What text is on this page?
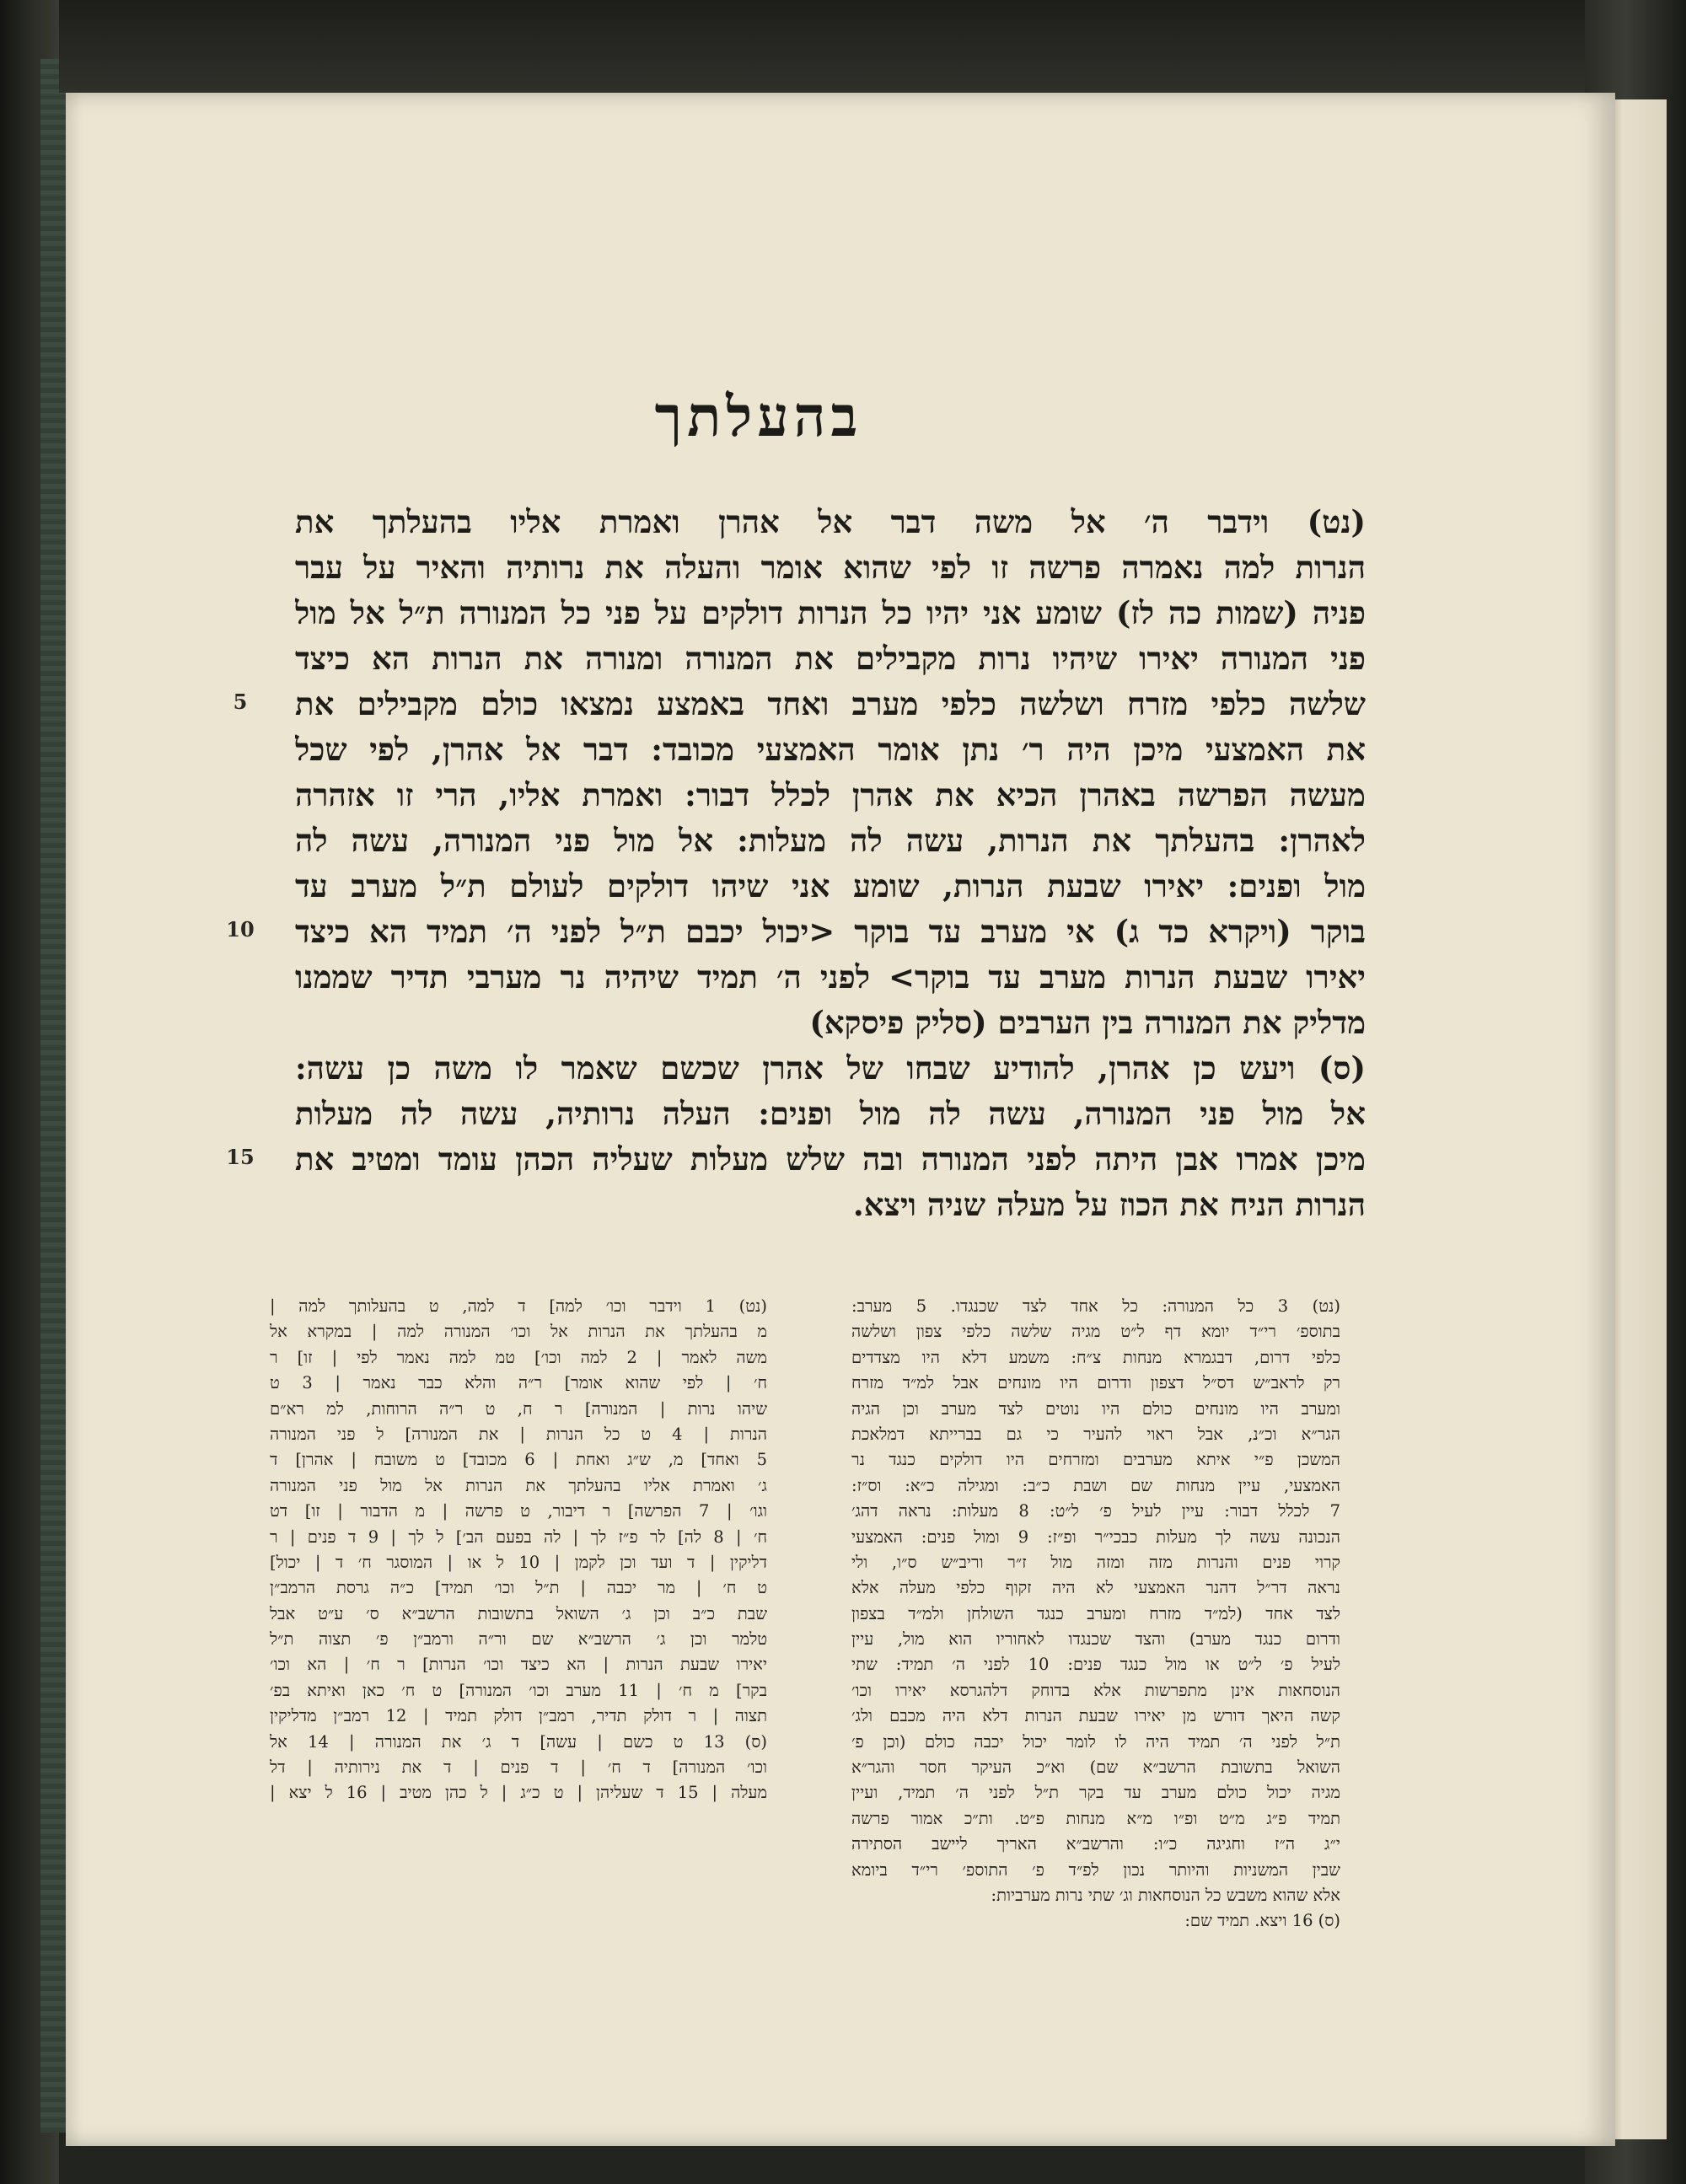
בהעלתך
(נט) וידבר ה׳ אל משה דבר אל אהרן ואמרת אליו בהעלתך את
הנרות למה נאמרה פרשה זו לפי שהוא אומר והעלה את נרותיה והאיר על עבר
פניה (שמות כה לז) שומע אני יהיו כל הנרות דולקים על פני כל המנורה ת״ל אל מול
פני המנורה יאירו שיהיו נרות מקבילים את המנורה ומנורה את הנרות הא כיצד
שלשה כלפי מזרח ושלשה כלפי מערב ואחד באמצע נמצאו כולם מקבילים את
את האמצעי מיכן היה ר׳ נתן אומר האמצעי מכובד: דבר אל אהרן, לפי שכל
מעשה הפרשה באהרן הכיא את אהרן לכלל דבור: ואמרת אליו, הרי זו אזהרה
לאהרן: בהעלתך את הנרות, עשה לה מעלות: אל מול פני המנורה, עשה לה
מול ופנים: יאירו שבעת הנרות, שומע אני שיהו דולקים לעולם ת״ל מערב עד
בוקר (ויקרא כד ג) אי מערב עד בוקר <יכול יכבם ת״ל לפני ה׳ תמיד הא כיצד
יאירו שבעת הנרות מערב עד בוקר> לפני ה׳ תמיד שיהיה נר מערבי תדיר שממנו
מדליק את המנורה בין הערבים (סליק פיסקא)
(ס) ויעש כן אהרן, להודיע שבחו של אהרן שכשם שאמר לו משה כן עשה:
אל מול פני המנורה, עשה לה מול ופנים: העלה נרותיה, עשה לה מעלות
מיכן אמרו אבן היתה לפני המנורה ובה שלש מעלות שעליה הכהן עומד ומטיב את
הנרות הניח את הכוז על מעלה שניה ויצא.
5
10
15
(נט) 3 כל המנורה: כל אחד לצד שכנגדו. 5 מערב:
בתוספ׳ רי״ד יומא דף ל״ט מגיה שלשה כלפי צפון ושלשה
כלפי דרום, דבגמרא מנחות צ״ח: משמע דלא היו מצדדים
רק לראב״ש דס״ל דצפון ודרום היו מונחים אבל למ״ד מזרח
ומערב היו מונחים כולם היו נוטים לצד מערב וכן הגיה
הגר״א וכ״נ, אבל ראוי להעיר כי גם בברייתא דמלאכת
המשכן פ״י איתא מערבים ומזרחים היו דולקים כנגד נר
האמצעי, עיין מנחות שם ושבת כ״ב: ומגילה כ״א: וס״ז:
7 לכלל דבור: עיין לעיל פ׳ ל״ט: 8 מעלות: נראה דהג׳
הנכונה עשה לך מעלות כבכי״ר ופ״ז: 9 ומול פנים: האמצעי
קרוי פנים והנרות מזה ומזה מול ז״ר וריב״ש ס״ו, ולי
נראה דר״ל דהנר האמצעי לא היה זקוף כלפי מעלה אלא
לצד אחד (למ״ד מזרח ומערב כנגד השולחן ולמ״ד בצפון
ודרום כנגד מערב) והצד שכנגדו לאחוריו הוא מול, עיין
לעיל פ׳ ל״ט או מול כנגד פנים: 10 לפני ה׳ תמיד: שתי
הנוסחאות אינן מתפרשות אלא בדוחק דלהגרסא יאירו וכו׳
קשה היאך דורש מן יאירו שבעת הנרות דלא היה מכבם ולג׳
ת״ל לפני ה׳ תמיד היה לו לומר יכול יכבה כולם (וכן פ׳
השואל בתשובת הרשב״א שם) וא״כ העיקר חסר והגר״א
מגיה יכול כולם מערב עד בקר ת״ל לפני ה׳ תמיד, ועיין
תמיד פ״ג מ״ט ופ״ו מ״א מנחות פ״ט. ות״כ אמור פרשה
י״ג ה״ז וחגיגה כ״ו: והרשב״א האריך ליישב הסתירה
שבין המשניות והיותר נכון לפ״ד פ׳ התוספ׳ רי״ד ביומא
אלא שהוא משבש כל הנוסחאות וג׳ שתי נרות מערביות:
(ס) 16 ויצא. תמיד שם:
(נט) 1 וידבר וכו׳ למה] ד למה, ט בהעלותך למה |
מ בהעלתך את הנרות אל וכו׳ המנורה למה | במקרא אל
משה לאמר | 2 למה וכו׳] טמ למה נאמר לפי | זו] ר
ח׳ | לפי שהוא אומר] ר״ה והלא כבר נאמר | 3 ט
שיהו נרות | המנורה] ר ח, ט ר״ה הרוחות, למ רא״ם
הנרות | 4 ט כל הנרות | את המנורה] ל פני המנורה
5 ואחד] מ, ש״ג ואחת | 6 מכובד] ט משובח | אהרן] ד
ג׳ ואמרת אליו בהעלתך את הנרות אל מול פני המנורה
וגו׳ | 7 הפרשה] ר דיבור, ט פרשה | מ הדבור | זו] דט
ח׳ | 8 לה] לר פ״ז לך | לה בפעם הב׳] ל לך | 9 ד פנים | ר
דליקין | ד ועד וכן לקמן | 10 ל או | המוסגר ח׳ ד | יכול]
ט ח׳ | מר יכבה | ת״ל וכו׳ תמיד] כ״ה גרסת הרמב״ן
שבת כ״ב וכן ג׳ השואל בתשובות הרשב״א ס׳ ע״ט אבל
טלמר וכן ג׳ הרשב״א שם ור״ה ורמב״ן פ׳ תצוה ת״ל
יאירו שבעת הנרות | הא כיצד וכו׳ הנרות] ר ח׳ | הא וכו׳
בקר] מ ח׳ | 11 מערב וכו׳ המנורה] ט ח׳ כאן ואיתא בפ׳
תצוה | ר דולק תדיר, רמב״ן דולק תמיד | 12 רמב״ן מדליקין
(ס) 13 ט כשם | עשה] ד ג׳ את המנורה | 14 אל
וכו׳ המנורה] ד ח׳ | ד פנים | ד את נירותיה | דל
מעלה | 15 ד שעליהן | ט כ״ג | ל כהן מטיב | 16 ל יצא |
